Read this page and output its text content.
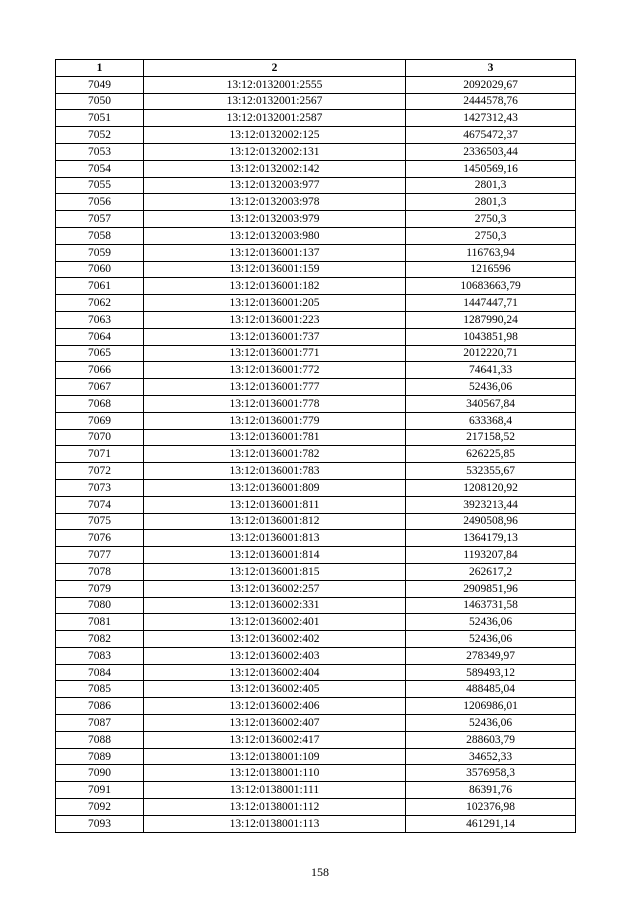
1	2	3
7049	13:12:0132001:2555	2092029,67
7050	13:12:0132001:2567	2444578,76
7051	13:12:0132001:2587	1427312,43
7052	13:12:0132002:125	4675472,37
7053	13:12:0132002:131	2336503,44
7054	13:12:0132002:142	1450569,16
7055	13:12:0132003:977	2801,3
7056	13:12:0132003:978	2801,3
7057	13:12:0132003:979	2750,3
7058	13:12:0132003:980	2750,3
7059	13:12:0136001:137	116763,94
7060	13:12:0136001:159	1216596
7061	13:12:0136001:182	10683663,79
7062	13:12:0136001:205	1447447,71
7063	13:12:0136001:223	1287990,24
7064	13:12:0136001:737	1043851,98
7065	13:12:0136001:771	2012220,71
7066	13:12:0136001:772	74641,33
7067	13:12:0136001:777	52436,06
7068	13:12:0136001:778	340567,84
7069	13:12:0136001:779	633368,4
7070	13:12:0136001:781	217158,52
7071	13:12:0136001:782	626225,85
7072	13:12:0136001:783	532355,67
7073	13:12:0136001:809	1208120,92
7074	13:12:0136001:811	3923213,44
7075	13:12:0136001:812	2490508,96
7076	13:12:0136001:813	1364179,13
7077	13:12:0136001:814	1193207,84
7078	13:12:0136001:815	262617,2
7079	13:12:0136002:257	2909851,96
7080	13:12:0136002:331	1463731,58
7081	13:12:0136002:401	52436,06
7082	13:12:0136002:402	52436,06
7083	13:12:0136002:403	278349,97
7084	13:12:0136002:404	589493,12
7085	13:12:0136002:405	488485,04
7086	13:12:0136002:406	1206986,01
7087	13:12:0136002:407	52436,06
7088	13:12:0136002:417	288603,79
7089	13:12:0138001:109	34652,33
7090	13:12:0138001:110	3576958,3
7091	13:12:0138001:111	86391,76
7092	13:12:0138001:112	102376,98
7093	13:12:0138001:113	461291,14
158
